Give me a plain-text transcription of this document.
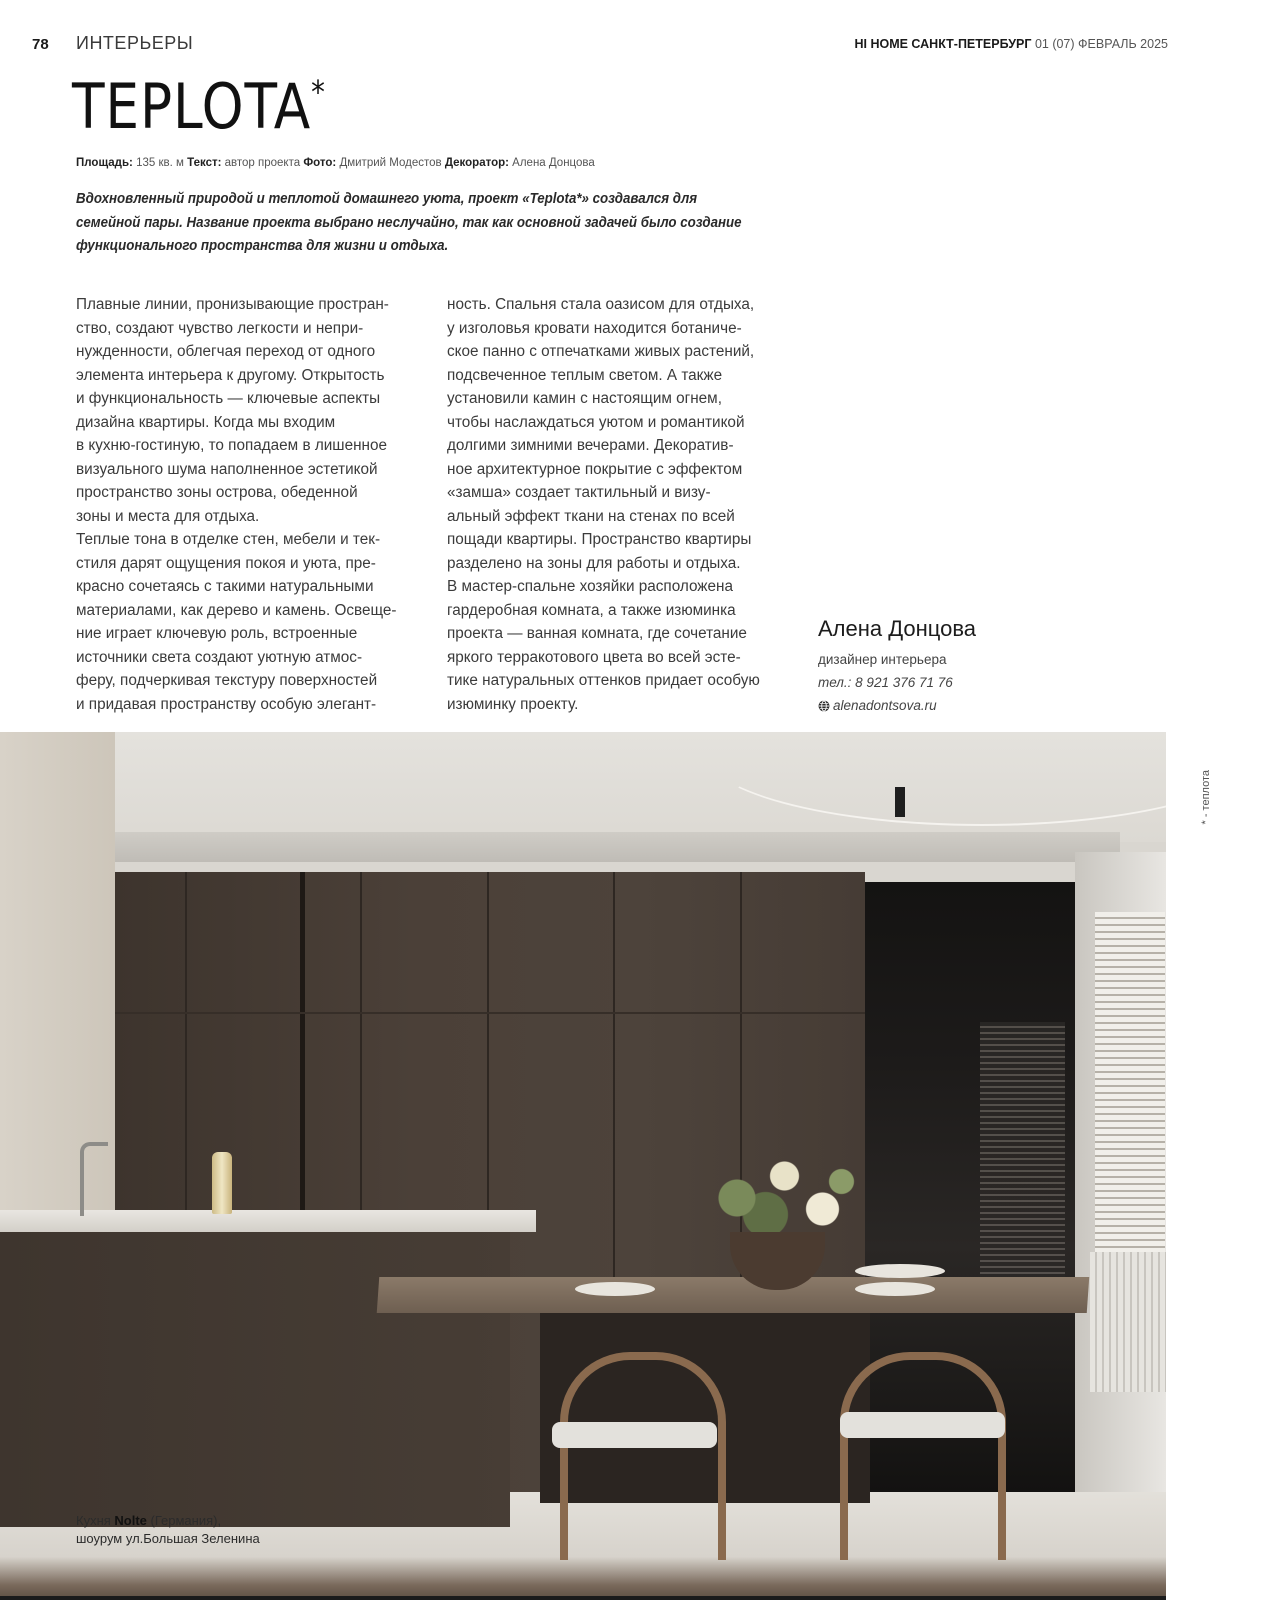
78 ИНТЕРЬЕРЫ	HI HOME САНКТ-ПЕТЕРБУРГ 01 (07) ФЕВРАЛЬ 2025
TEPLOTA*
Площадь: 135 кв. м Текст: автор проекта Фото: Дмитрий Модестов Декоратор: Алена Донцова
Вдохновленный природой и теплотой домашнего уюта, проект «Teplota*» создавался для семейной пары. Название проекта выбрано неслучайно, так как основной задачей было создание функционального пространства для жизни и отдыха.

Плавные линии, пронизывающие простран-

ство, создают чувство легкости и непри-

нужденности, облегчая переход от одного

элемента интерьера к другому. Открытость

и функциональность — ключевые аспекты

дизайна квартиры. Когда мы входим

в кухню-гостиную, то попадаем в лишенное

визуального шума наполненное эстетикой

пространство зоны острова, обеденной

зоны и места для отдыха.

Теплые тона в отделке стен, мебели и тек-

стиля дарят ощущения покоя и уюта, пре-

красно сочетаясь с такими натуральными

материалами, как дерево и камень. Освеще-

ние играет ключевую роль, встроенные

источники света создают уютную атмос-

феру, подчеркивая текстуру поверхностей

и придавая пространству особую элегант-

ность. Спальня стала оазисом для отдыха,

у изголовья кровати находится ботаниче-

ское панно с отпечатками живых растений,

подсвеченное теплым светом. А также

установили камин с настоящим огнем,

чтобы наслаждаться уютом и романтикой

долгими зимними вечерами. Декоратив-

ное архитектурное покрытие с эффектом

«замша» создает тактильный и визу-

альный эффект ткани на стенах по всей

пощади квартиры. Пространство квартиры

разделено на зоны для работы и отдыха.

В мастер-спальне хозяйки расположена

гардеробная комната, а также изюминка

проекта — ванная комната, где сочетание

яркого терракотового цвета во всей эсте-

тике натуральных оттенков придает особую

изюминку проекту.

Алена Донцова
дизайнер интерьера
тел.: 8 921 376 71 76
alenadontsova.ru
* - теплота
Кухня Nolte (Германия),
шоурум ул.Большая Зеленина
